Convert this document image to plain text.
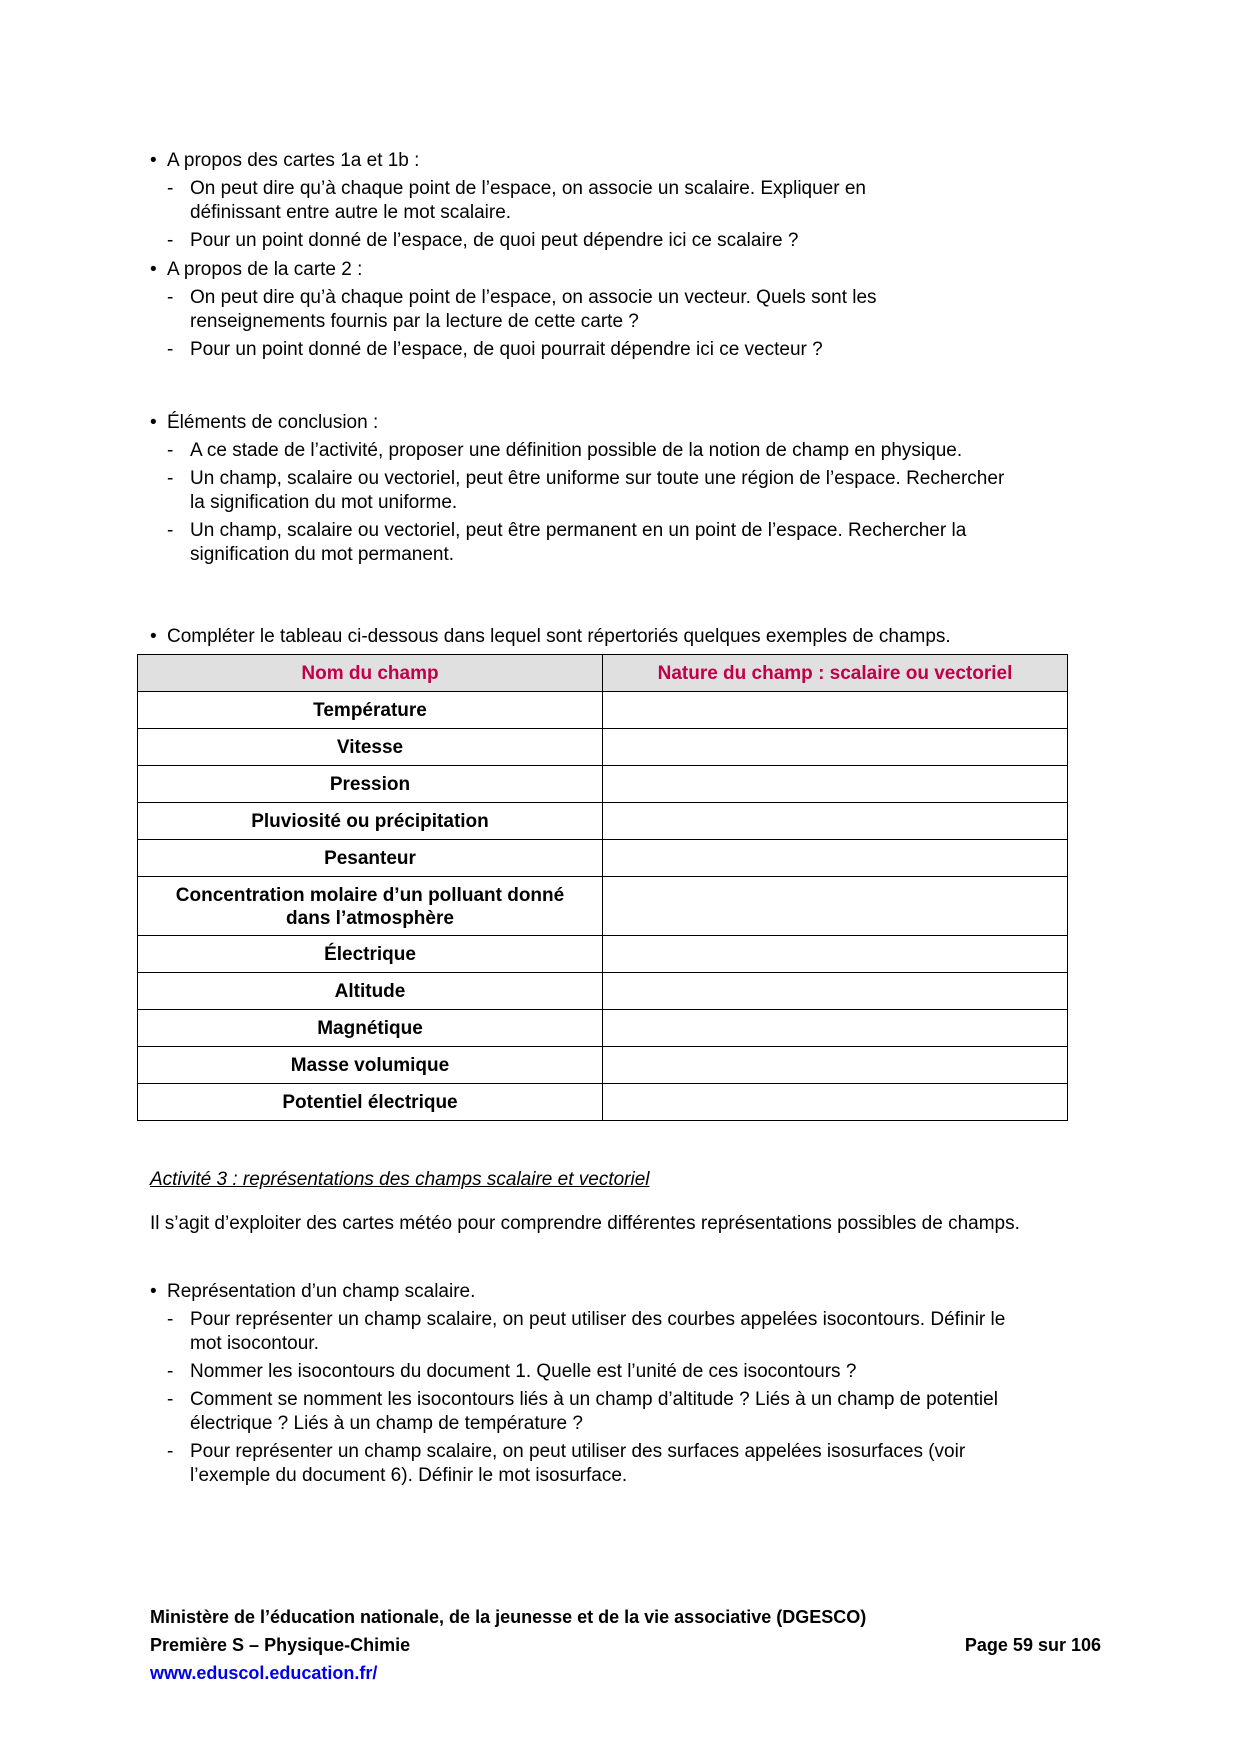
• A propos des cartes 1a et 1b :
- On peut dire qu’à chaque point de l’espace, on associe un scalaire. Expliquer en définissant entre autre le mot scalaire.
- Pour un point donné de l’espace, de quoi peut dépendre ici ce scalaire ?
• A propos de la carte 2 :
- On peut dire qu’à chaque point de l’espace, on associe un vecteur. Quels sont les renseignements fournis par la lecture de cette carte ?
- Pour un point donné de l’espace, de quoi pourrait dépendre ici ce vecteur ?
• Éléments de conclusion :
- A ce stade de l’activité, proposer une définition possible de la notion de champ en physique.
- Un champ, scalaire ou vectoriel, peut être uniforme sur toute une région de l’espace. Rechercher la signification du mot uniforme.
- Un champ, scalaire ou vectoriel, peut être permanent en un point de l’espace. Rechercher la signification du mot permanent.
• Compléter le tableau ci-dessous dans lequel sont répertoriés quelques exemples de champs.
Nom du champ	Nature du champ : scalaire ou vectoriel
Température	
Vitesse	
Pression	
Pluviosité ou précipitation	
Pesanteur	
Concentration molaire d’un polluant donné dans l’atmosphère	
Électrique	
Altitude	
Magnétique	
Masse volumique	
Potentiel électrique	
Activité 3 : représentations des champs scalaire et vectoriel
Il s’agit d’exploiter des cartes météo pour comprendre différentes représentations possibles de champs.
• Représentation d’un champ scalaire.
- Pour représenter un champ scalaire, on peut utiliser des courbes appelées isocontours. Définir le mot isocontour.
- Nommer les isocontours du document 1. Quelle est l’unité de ces isocontours ?
- Comment se nomment les isocontours liés à un champ d’altitude ? Liés à un champ de potentiel électrique ? Liés à un champ de température ?
- Pour représenter un champ scalaire, on peut utiliser des surfaces appelées isosurfaces (voir l’exemple du document 6). Définir le mot isosurface.
Ministère de l’éducation nationale, de la jeunesse et de la vie associative (DGESCO)
Première S – Physique-Chimie	Page 59 sur 106
www.eduscol.education.fr/
